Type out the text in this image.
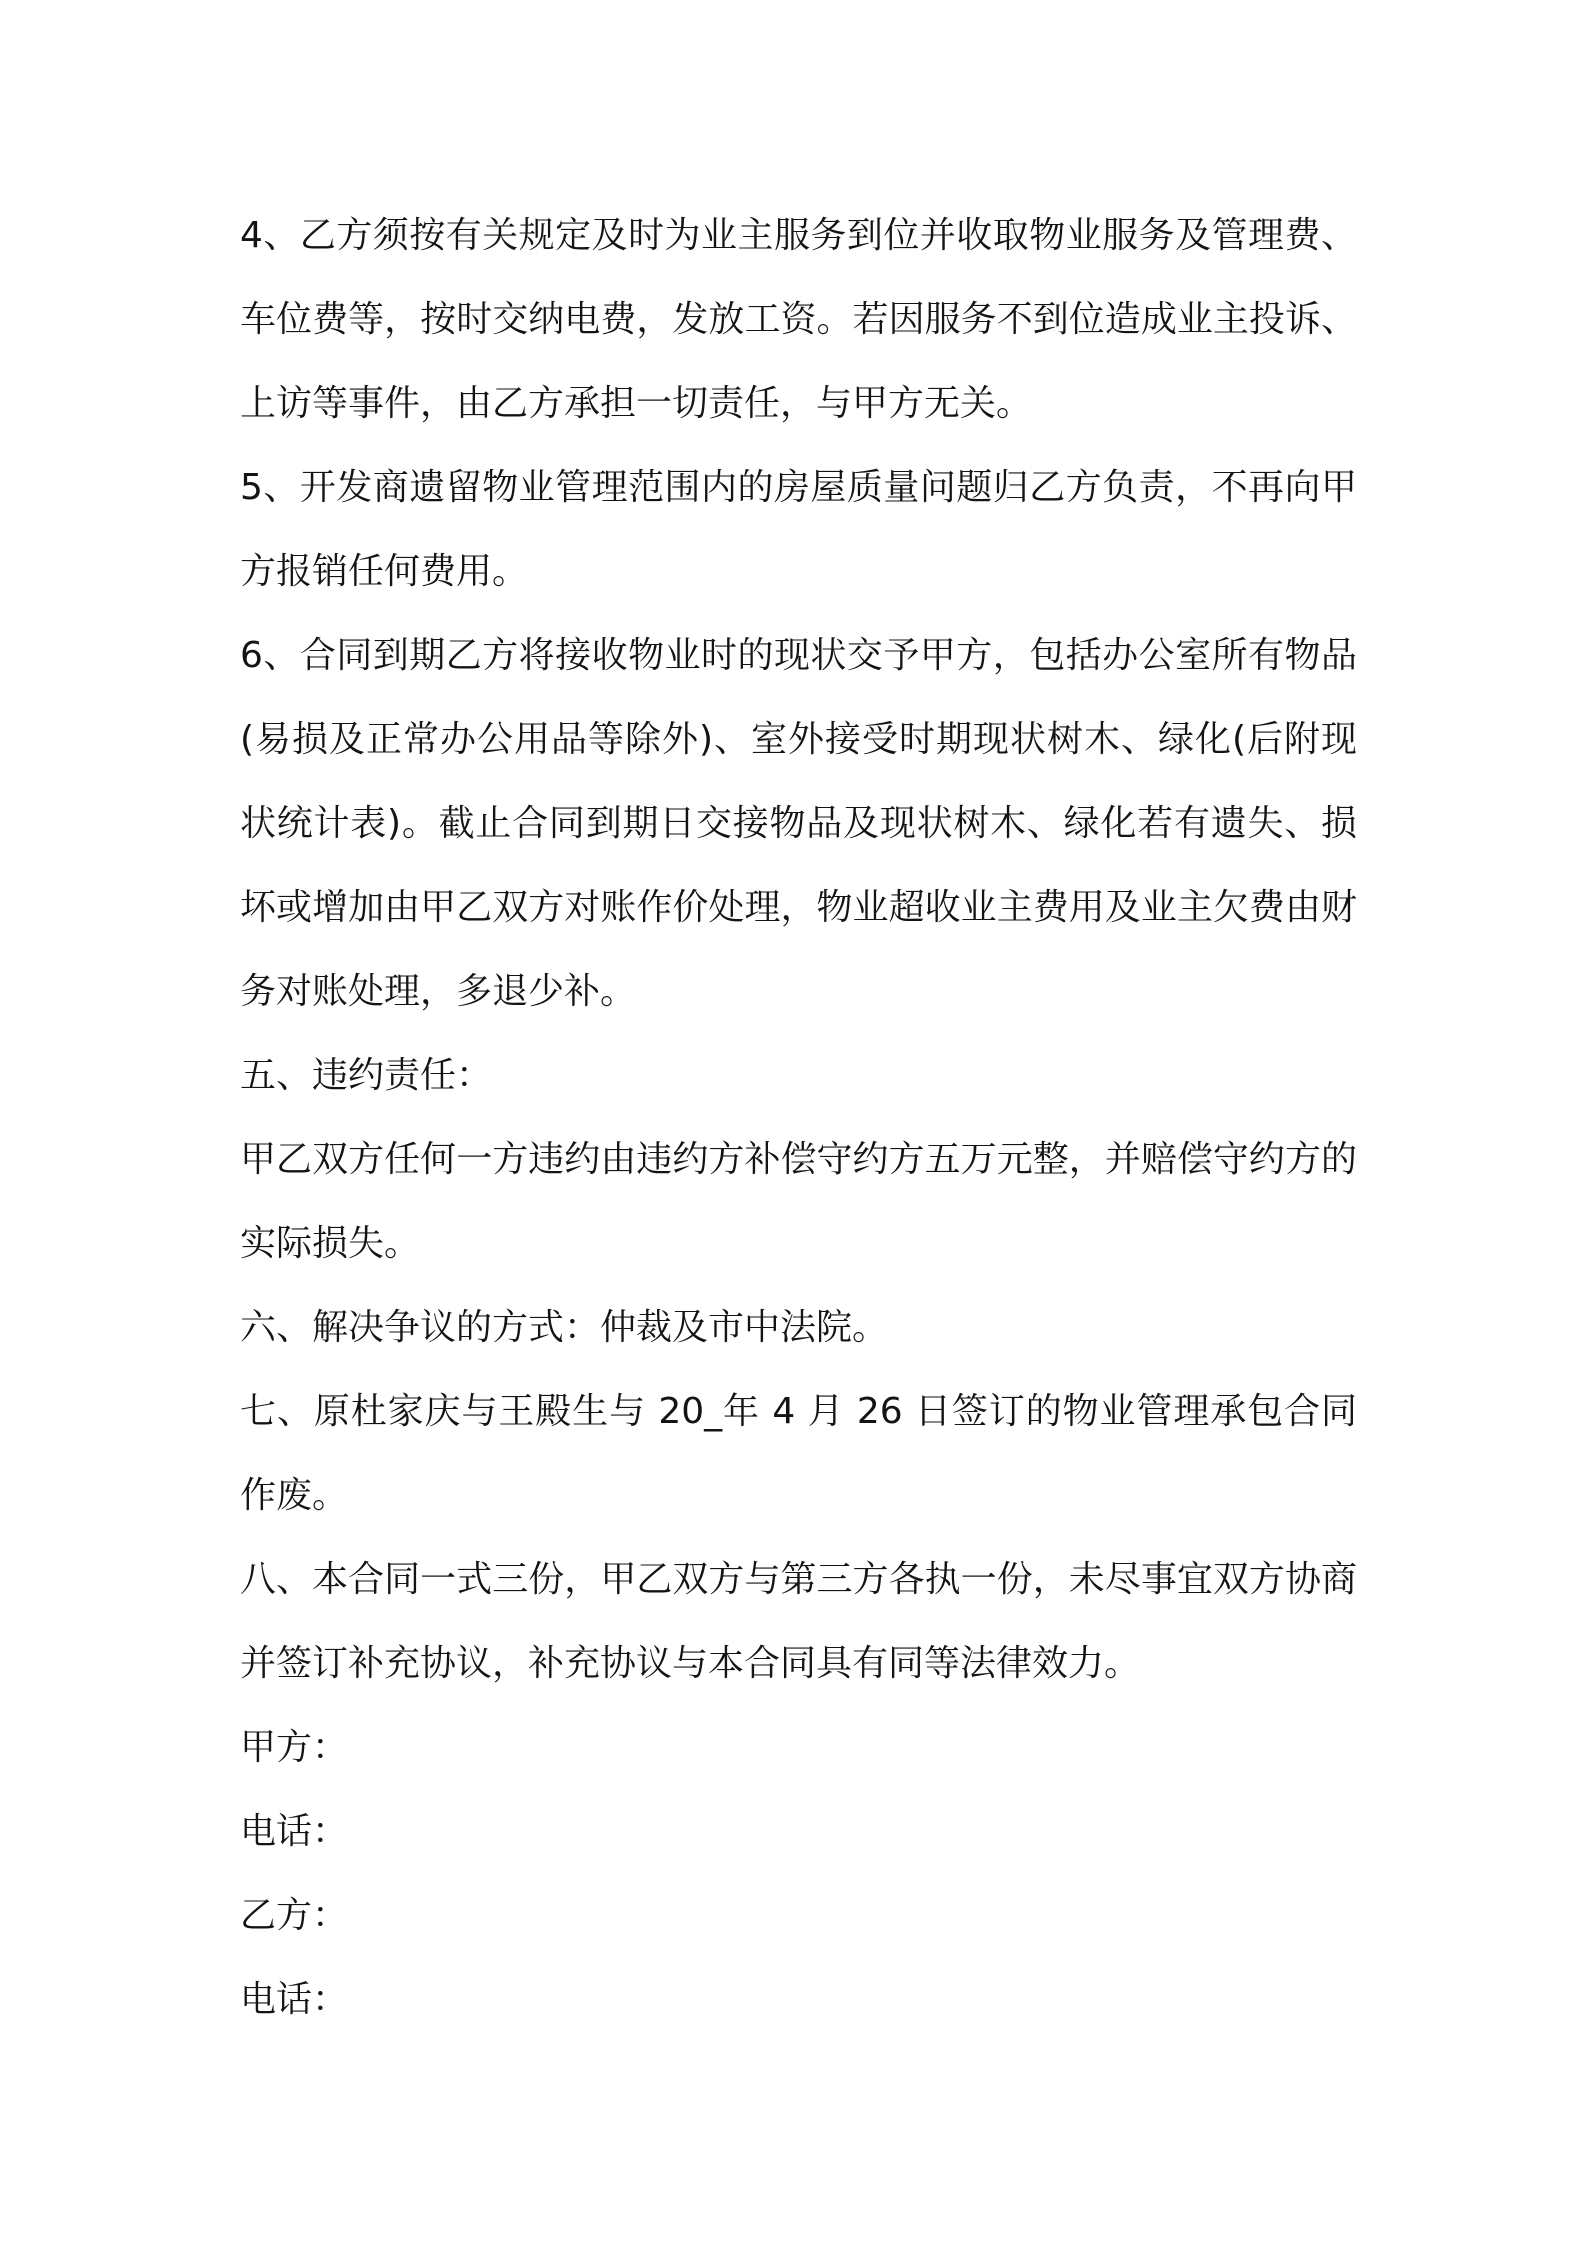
4、乙方须按有关规定及时为业主服务到位并收取物业服务及管理费、车位费等，按时交纳电费，发放工资。若因服务不到位造成业主投诉、上访等事件，由乙方承担一切责任，与甲方无关。

5、开发商遗留物业管理范围内的房屋质量问题归乙方负责，不再向甲方报销任何费用。

6、合同到期乙方将接收物业时的现状交予甲方，包括办公室所有物品(易损及正常办公用品等除外)、室外接受时期现状树木、绿化(后附现状统计表)。截止合同到期日交接物品及现状树木、绿化若有遗失、损坏或增加由甲乙双方对账作价处理，物业超收业主费用及业主欠费由财务对账处理，多退少补。

五、违约责任：

甲乙双方任何一方违约由违约方补偿守约方五万元整，并赔偿守约方的实际损失。

六、解决争议的方式：仲裁及市中法院。

七、原杜家庆与王殿生与 20_年 4 月 26 日签订的物业管理承包合同作废。

八、本合同一式三份，甲乙双方与第三方各执一份，未尽事宜双方协商并签订补充协议，补充协议与本合同具有同等法律效力。

甲方：

电话：

乙方：

电话：
